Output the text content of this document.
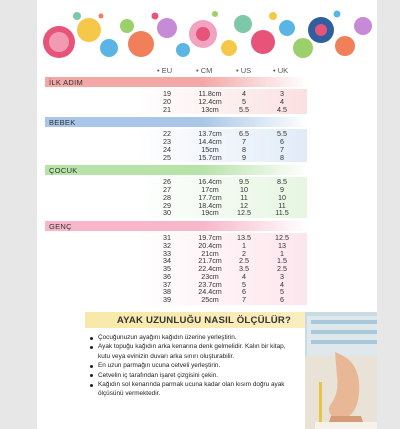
• EU	• CM	• US	• UK
İLK ADIM
19	11.8cm	4	3
20	12.4cm	5	4
21	13cm	5.5	4.5
BEBEK
22	13.7cm	6.5	5.5
23	14.4cm	7	6
24	15cm	8	7
25	15.7cm	9	8
ÇOCUK
26	16.4cm	9.5	8.5
27	17cm	10	9
28	17.7cm	11	10
29	18.4cm	12	11
30	19cm	12.5	11.5
GENÇ
31	19.7cm	13.5	12.5
32	20.4cm	1	13
33	21cm	2	1
34	21.7cm	2.5	1.5
35	22.4cm	3.5	2.5
36	23cm	4	3
37	23.7cm	5	4
38	24.4cm	6	5
39	25cm	7	6
AYAK UZUNLUĞU NASIL ÖLÇÜLÜR?
Çocuğunuzun ayağını kağıdın üzerine yerleştirin.
Ayak topuğu kağıdın arka kenarına denk gelmelidir. Kalın bir kitap, kutu veya evinizin duvarı arka sınırı oluşturabilir.
En uzun parmağın ucuna cetveli yerleştirin.
Cetvelin iç tarafından işaret çizgisini çekin.
Kağıdın sol kenarında parmak ucuna kadar olan kısım doğru ayak ölçüsünü vermektedir.
